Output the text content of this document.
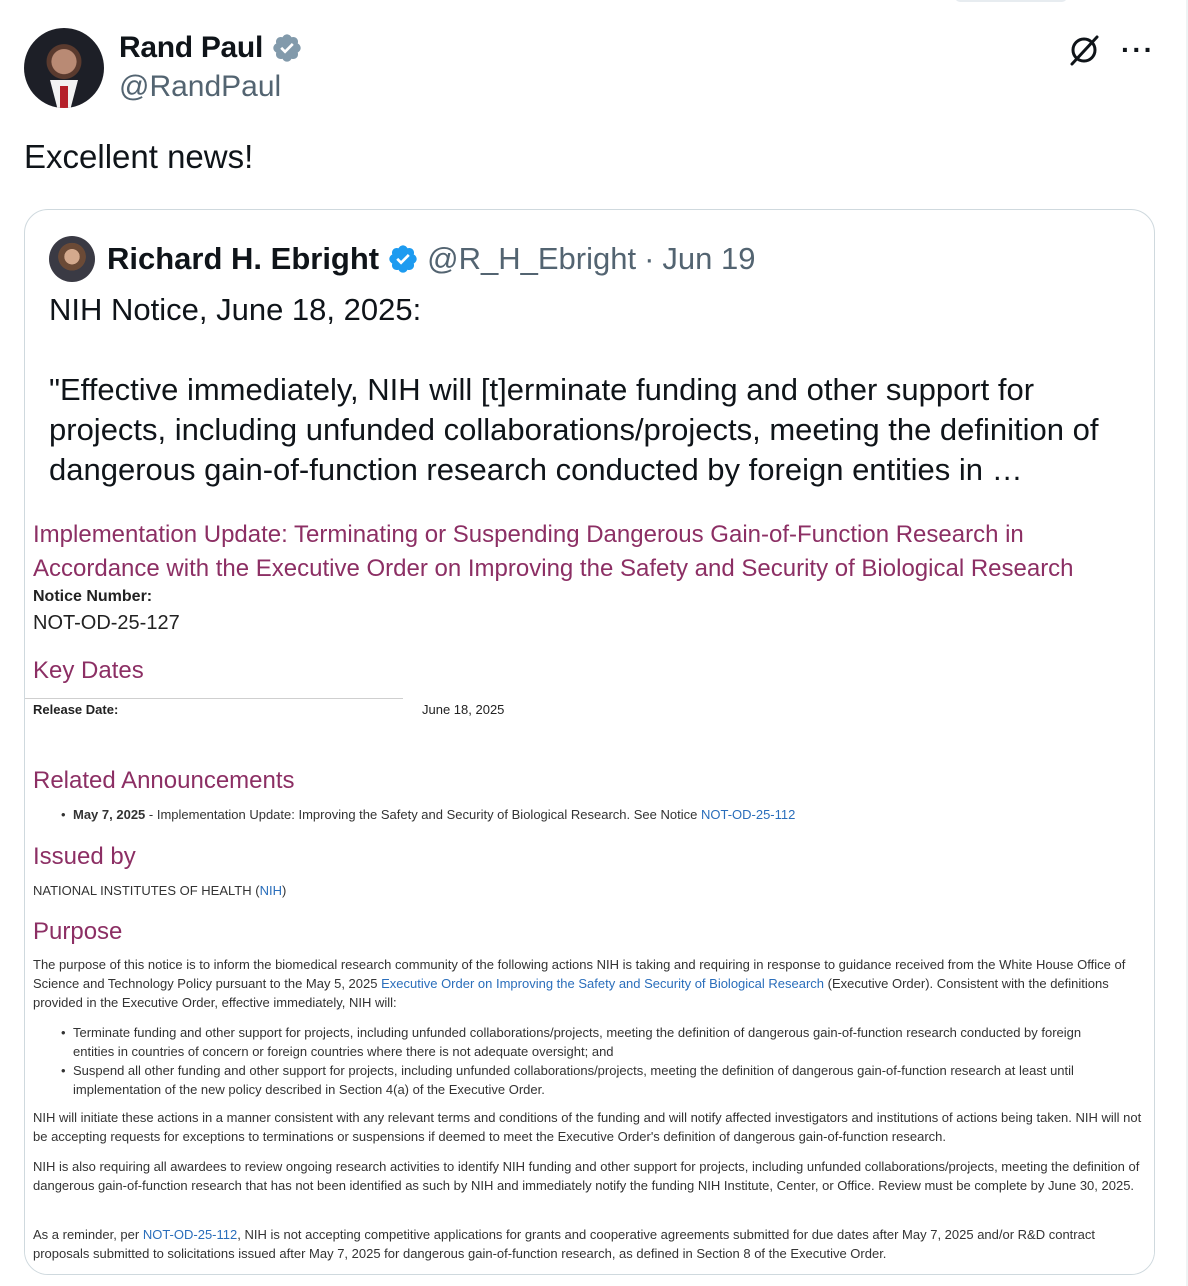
Rand Paul
@RandPaul
···
Excellent news!
Richard H. Ebright @R_H_Ebright · Jun 19

NIH Notice, June 18, 2025:

"Effective immediately, NIH will [t]erminate funding and other support for projects, including unfunded collaborations/projects, meeting the definition of dangerous gain-of-function research conducted by foreign entities in …

Implementation Update: Terminating or Suspending Dangerous Gain-of-Function Research in Accordance with the Executive Order on Improving the Safety and Security of Biological Research
Notice Number:
NOT-OD-25-127
Key Dates
Release Date:	June 18, 2025
Related Announcements
• May 7, 2025 - Implementation Update: Improving the Safety and Security of Biological Research. See Notice NOT-OD-25-112
Issued by
NATIONAL INSTITUTES OF HEALTH (NIH)
Purpose
The purpose of this notice is to inform the biomedical research community of the following actions NIH is taking and requiring in response to guidance received from the White House Office of Science and Technology Policy pursuant to the May 5, 2025 Executive Order on Improving the Safety and Security of Biological Research (Executive Order). Consistent with the definitions provided in the Executive Order, effective immediately, NIH will:
• Terminate funding and other support for projects, including unfunded collaborations/projects, meeting the definition of dangerous gain-of-function research conducted by foreign entities in countries of concern or foreign countries where there is not adequate oversight; and
• Suspend all other funding and other support for projects, including unfunded collaborations/projects, meeting the definition of dangerous gain-of-function research at least until implementation of the new policy described in Section 4(a) of the Executive Order.
NIH will initiate these actions in a manner consistent with any relevant terms and conditions of the funding and will notify affected investigators and institutions of actions being taken. NIH will not be accepting requests for exceptions to terminations or suspensions if deemed to meet the Executive Order's definition of dangerous gain-of-function research.
NIH is also requiring all awardees to review ongoing research activities to identify NIH funding and other support for projects, including unfunded collaborations/projects, meeting the definition of dangerous gain-of-function research that has not been identified as such by NIH and immediately notify the funding NIH Institute, Center, or Office. Review must be complete by June 30, 2025.
As a reminder, per NOT-OD-25-112, NIH is not accepting competitive applications for grants and cooperative agreements submitted for due dates after May 7, 2025 and/or R&D contract proposals submitted to solicitations issued after May 7, 2025 for dangerous gain-of-function research, as defined in Section 8 of the Executive Order.
